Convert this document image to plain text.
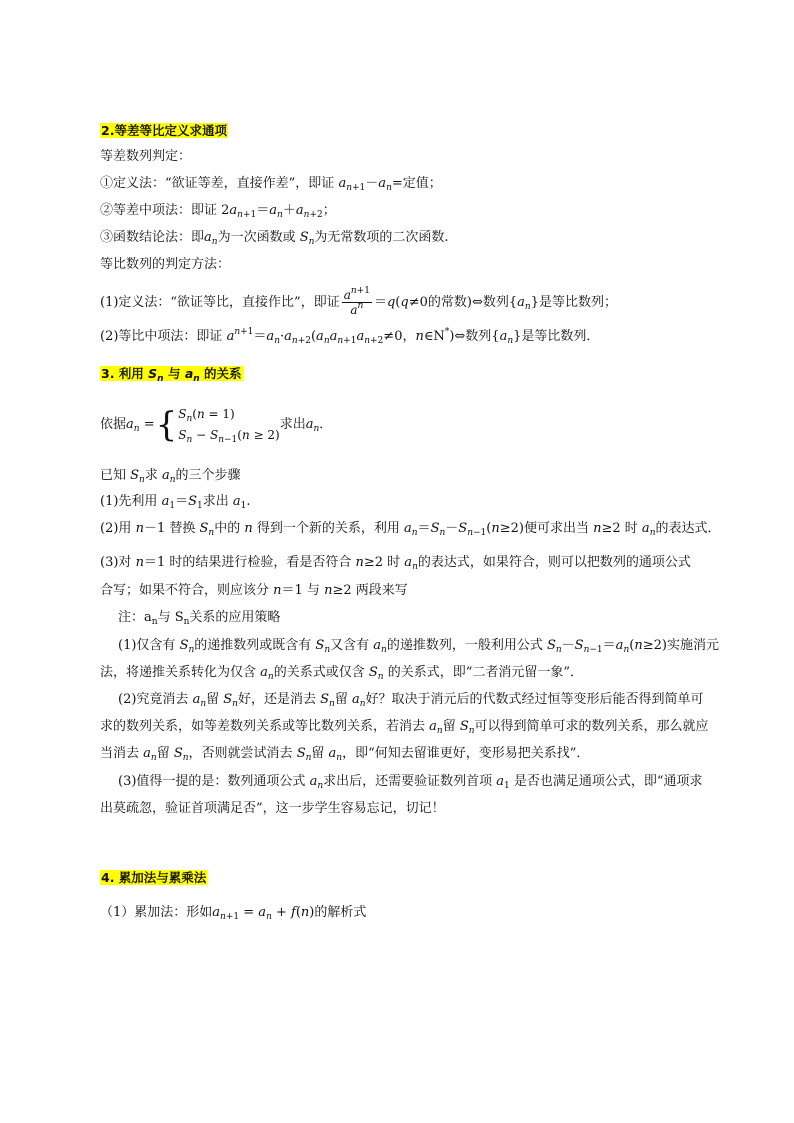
2.等差等比定义求通项
等差数列判定：
①定义法：“欲证等差，直接作差”，即证 $a_{n+1}-a_n=$定值；
②等差中项法：即证 $2a_{n+1}=a_n+a_{n+2}$；
③函数结论法：即$a_n$为一次函数或 $S_n$为无常数项的二次函数.
等比数列的判定方法：
(1)定义法：“欲证等比，直接作比”，即证 $\frac{a^{n+1}}{a^n} =q(q\ne 0$的常数)⇔数列$\{a_n\}$是等比数列；
(2)等比中项法：即证 $a^{n+1}=a_n\cdot a_{n+2}(a_na_{n+1}a_{n+2}\ne 0$，n∈N*)⇔数列$\{a_n\}$是等比数列．
3. 利用 $S_n$ 与 $a_n$ 的关系
依据$a_n =\{S_n(n = 1)$
$S_n - S_{n-1}(n \ge 2)$求出$a_n$．
已知 $S_n$求 $a_n$的三个步骤
(1)先利用 $a_1=S_1$求出 $a_1$.
(2)用 n－1 替换 $S_n$中的 n 得到一个新的关系，利用 $a_n=S_n-S_{n-1}(n\ge 2)$便可求出当 n≥2 时 $a_n$的表达式．
(3)对 n＝1 时的结果进行检验，看是否符合 n≥2 时 $a_n$的表达式，如果符合，则可以把数列的通项公式
合写；如果不符合，则应该分 n＝1 与 n≥2 两段来写
注：$a_n$与 $S_n$关系的应用策略
(1)仅含有 $S_n$的递推数列或既含有 $S_n$又含有 $a_n$的递推数列，一般利用公式 $S_n-S_{n-1}=a_n(n\ge 2)$实施消元
法，将递推关系转化为仅含 $a_n$的关系式或仅含 $S_n$ 的关系式，即“二者消元留一象”．
(2)究竟消去 $a_n$留 $S_n$好，还是消去 $S_n$留 $a_n$好？取决于消元后的代数式经过恒等变形后能否得到简单可
求的数列关系，如等差数列关系或等比数列关系，若消去 $a_n$留 $S_n$可以得到简单可求的数列关系，那么就应
当消去 $a_n$留 $S_n$，否则就尝试消去 $S_n$留 $a_n$，即“何知去留谁更好，变形易把关系找”．
(3)值得一提的是：数列通项公式 $a_n$求出后，还需要验证数列首项 $a_1$ 是否也满足通项公式，即“通项求
出莫疏忽，验证首项满足否”，这一步学生容易忘记，切记！
4. 累加法与累乘法
（1）累加法：形如$a_{n+1} = a_n + f(n)$的解析式
